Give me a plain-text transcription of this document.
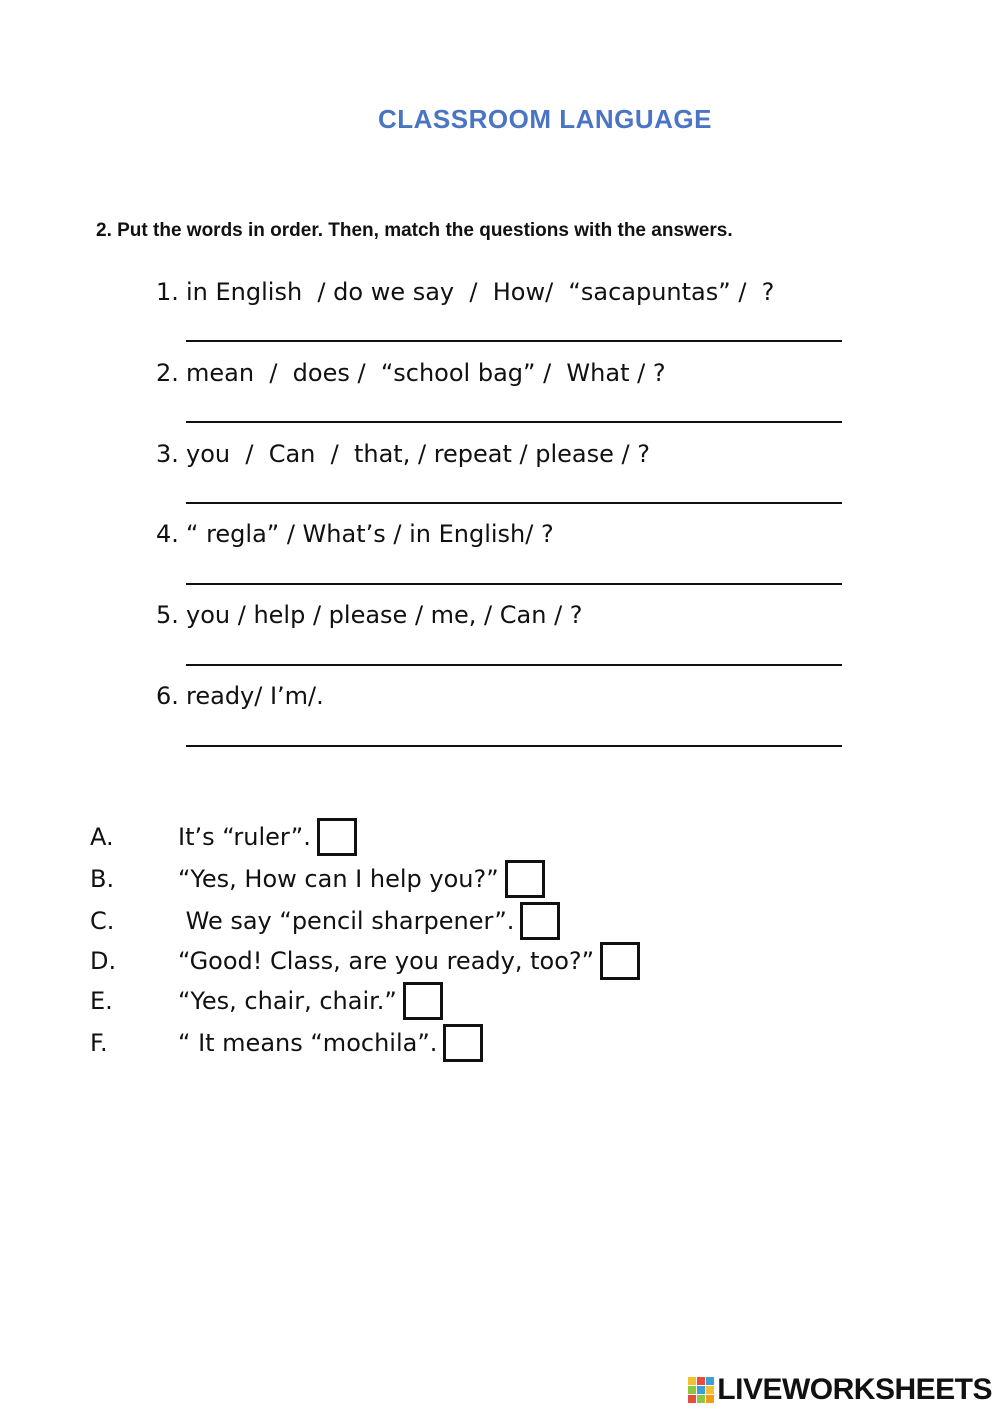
CLASSROOM LANGUAGE
2. Put the words in order. Then, match the questions with the answers.
1. in English  / do we say  /  How/  “sacapuntas” /  ?
2. mean  /  does /  “school bag” /  What / ?
3. you  /  Can  /  that, / repeat / please / ?
4. “ regla” / What’s / in English/ ?
5. you / help / please / me, / Can / ?
6. ready/ I’m/.
A.	It’s “ruler”.
B.	“Yes, How can I help you?”
C.	We say “pencil sharpener”.
D.	“Good! Class, are you ready, too?”
E.	“Yes, chair, chair.”
F.	“ It means “mochila”.
LIVEWORKSHEETS
